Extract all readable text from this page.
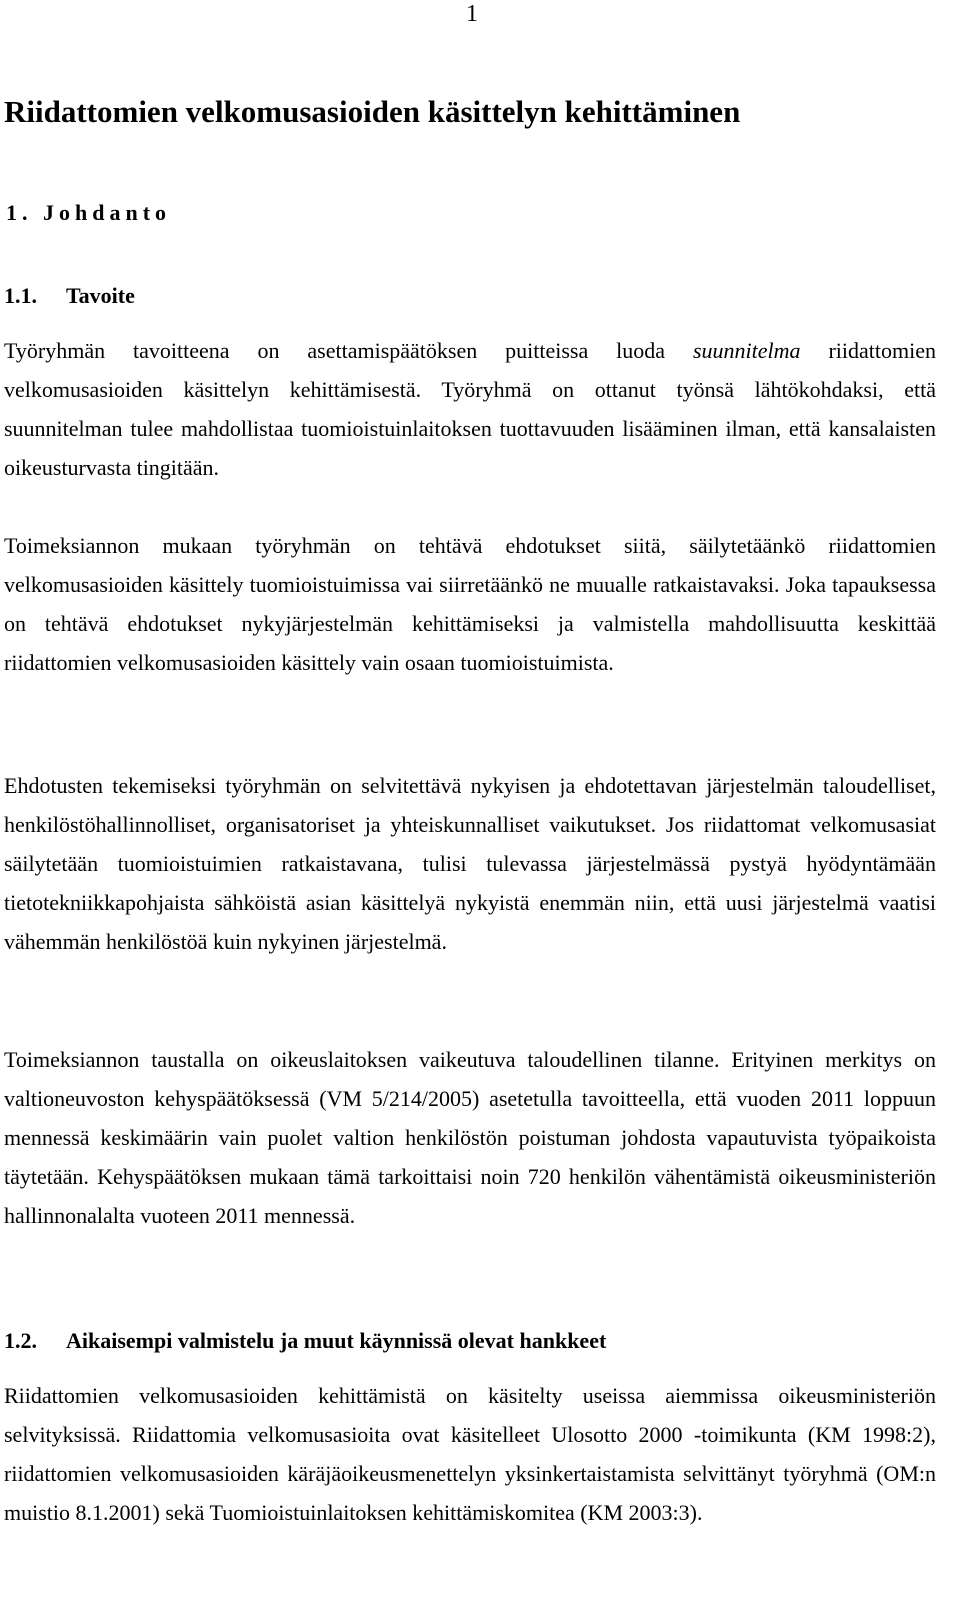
1
Riidattomien velkomusasioiden käsittelyn kehittäminen
1. Johdanto
1.1. Tavoite

Työryhmän tavoitteena on asettamispäätöksen puitteissa luoda suunnitelma riidattomien velkomusasioiden käsittelyn kehittämisestä. Työryhmä on ottanut työnsä lähtökohdaksi, että suunnitelman tulee mahdollistaa tuomioistuinlaitoksen tuottavuuden lisääminen ilman, että kansalaisten oikeusturvasta tingitään.

Toimeksiannon mukaan työryhmän on tehtävä ehdotukset siitä, säilytetäänkö riidattomien velkomusasioiden käsittely tuomioistuimissa vai siirretäänkö ne muualle ratkaistavaksi. Joka tapauksessa on tehtävä ehdotukset nykyjärjestelmän kehittämiseksi ja valmistella mahdollisuutta keskittää riidattomien velkomusasioiden käsittely vain osaan tuomioistuimista.

Ehdotusten tekemiseksi työryhmän on selvitettävä nykyisen ja ehdotettavan järjestelmän taloudelliset, henkilöstöhallinnolliset, organisatoriset ja yhteiskunnalliset vaikutukset. Jos riidattomat velkomusasiat säilytetään tuomioistuimien ratkaistavana, tulisi tulevassa järjestelmässä pystyä hyödyntämään tietotekniikkapohjaista sähköistä asian käsittelyä nykyistä enemmän niin, että uusi järjestelmä vaatisi vähemmän henkilöstöä kuin nykyinen järjestelmä.

Toimeksiannon taustalla on oikeuslaitoksen vaikeutuva taloudellinen tilanne. Erityinen merkitys on valtioneuvoston kehyspäätöksessä (VM 5/214/2005) asetetulla tavoitteella, että vuoden 2011 loppuun mennessä keskimäärin vain puolet valtion henkilöstön poistuman johdosta vapautuvista työpaikoista täytetään. Kehyspäätöksen mukaan tämä tarkoittaisi noin 720 henkilön vähentämistä oikeusministeriön hallinnonalalta vuoteen 2011 mennessä.

1.2. Aikaisempi valmistelu ja muut käynnissä olevat hankkeet

Riidattomien velkomusasioiden kehittämistä on käsitelty useissa aiemmissa oikeusministeriön selvityksissä. Riidattomia velkomusasioita ovat käsitelleet Ulosotto 2000 -toimikunta (KM 1998:2), riidattomien velkomusasioiden käräjäoikeusmenettelyn yksinkertaistamista selvittänyt työryhmä (OM:n muistio 8.1.2001) sekä Tuomioistuinlaitoksen kehittämiskomitea (KM 2003:3).
